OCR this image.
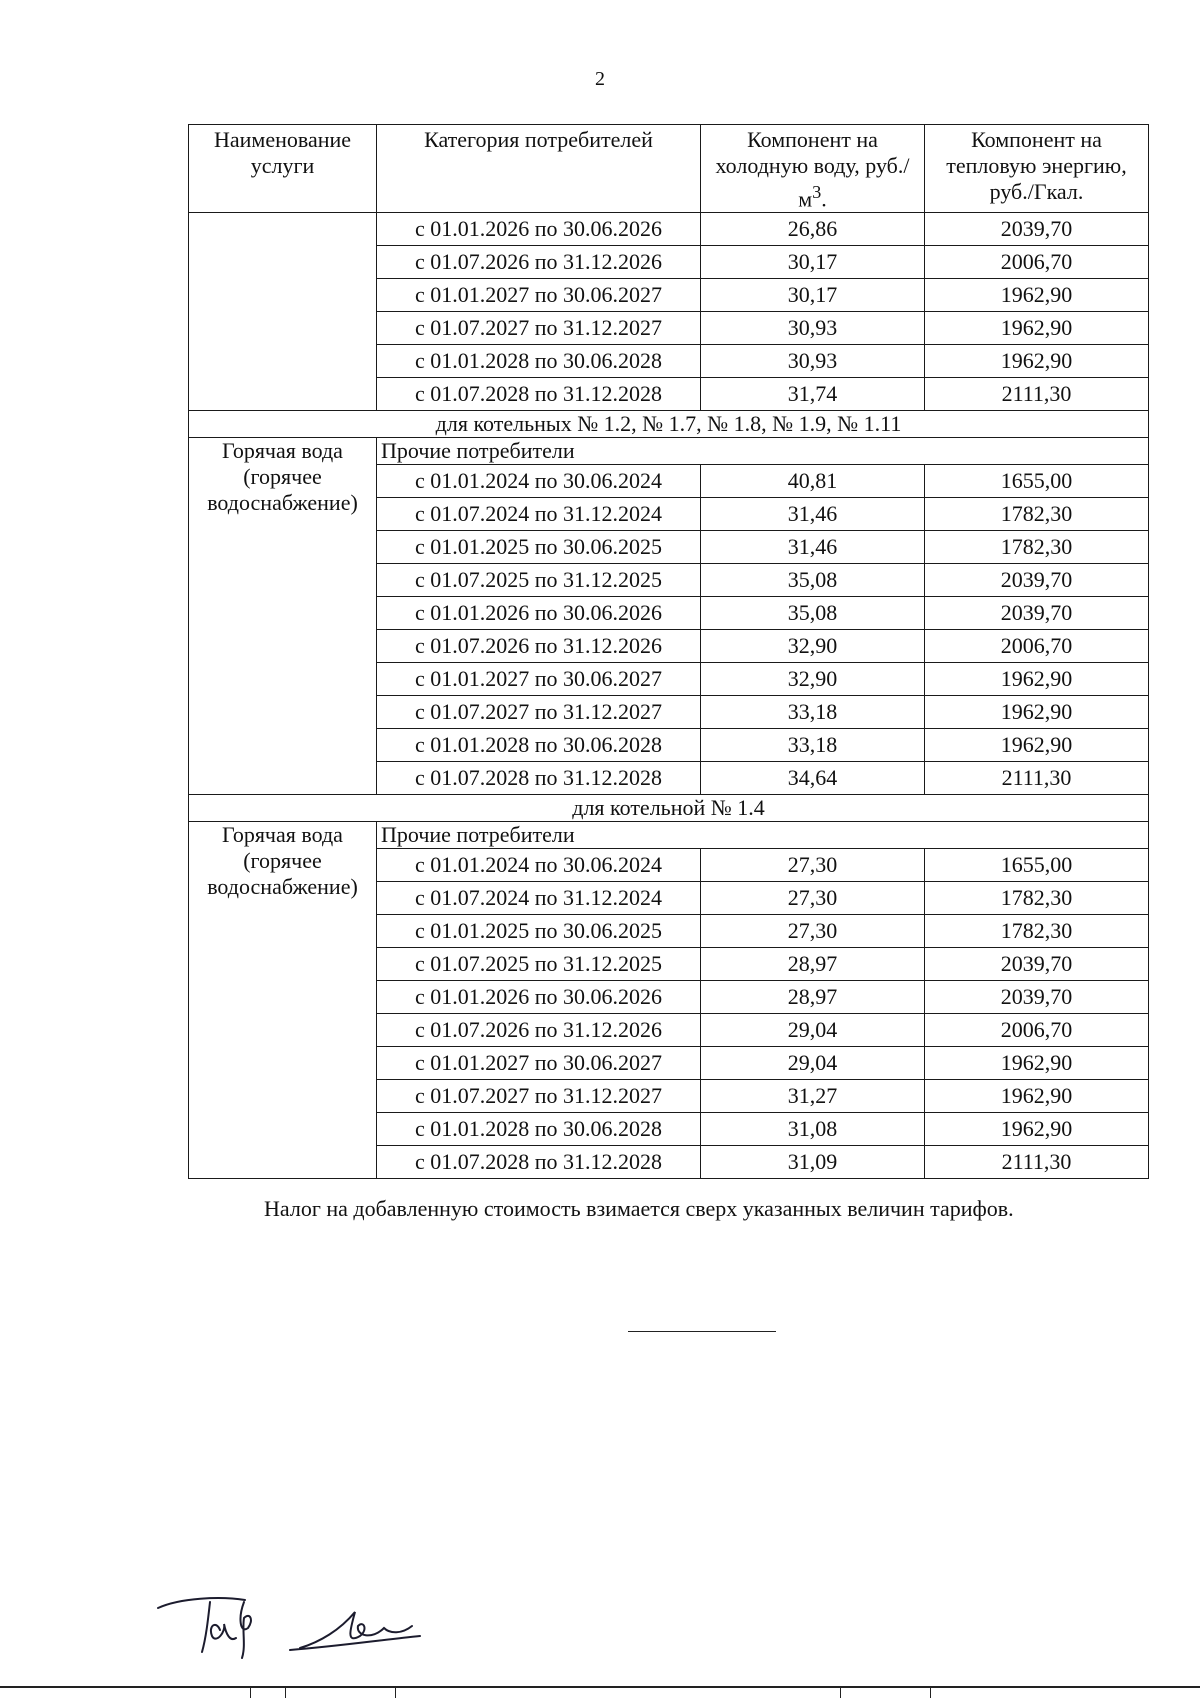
2
Наименование услуги	Категория потребителей	Компонент на холодную воду, $руб./м^3$.	Компонент на тепловую энергию, руб./Гкал.
	с 01.01.2026 по 30.06.2026	26,86	2039,70
	с 01.07.2026 по 31.12.2026	30,17	2006,70
	с 01.01.2027 по 30.06.2027	30,17	1962,90
	с 01.07.2027 по 31.12.2027	30,93	1962,90
	с 01.01.2028 по 30.06.2028	30,93	1962,90
	с 01.07.2028 по 31.12.2028	31,74	2111,30
для котельных № 1.2, № 1.7, № 1.8, № 1.9, № 1.11			
Горячая вода (горячее водоснабжение)	Прочие потребители		
	с 01.01.2024 по 30.06.2024	40,81	1655,00
	с 01.07.2024 по 31.12.2024	31,46	1782,30
	с 01.01.2025 по 30.06.2025	31,46	1782,30
	с 01.07.2025 по 31.12.2025	35,08	2039,70
	с 01.01.2026 по 30.06.2026	35,08	2039,70
	с 01.07.2026 по 31.12.2026	32,90	2006,70
	с 01.01.2027 по 30.06.2027	32,90	1962,90
	с 01.07.2027 по 31.12.2027	33,18	1962,90
	с 01.01.2028 по 30.06.2028	33,18	1962,90
	с 01.07.2028 по 31.12.2028	34,64	2111,30
для котельной № 1.4			
Горячая вода (горячее водоснабжение)	Прочие потребители		
	с 01.01.2024 по 30.06.2024	27,30	1655,00
	с 01.07.2024 по 31.12.2024	27,30	1782,30
	с 01.01.2025 по 30.06.2025	27,30	1782,30
	с 01.07.2025 по 31.12.2025	28,97	2039,70
	с 01.01.2026 по 30.06.2026	28,97	2039,70
	с 01.07.2026 по 31.12.2026	29,04	2006,70
	с 01.01.2027 по 30.06.2027	29,04	1962,90
	с 01.07.2027 по 31.12.2027	31,27	1962,90
	с 01.01.2028 по 30.06.2028	31,08	1962,90
	с 01.07.2028 по 31.12.2028	31,09	2111,30
Налог на добавленную стоимость взимается сверх указанных величин тарифов.
